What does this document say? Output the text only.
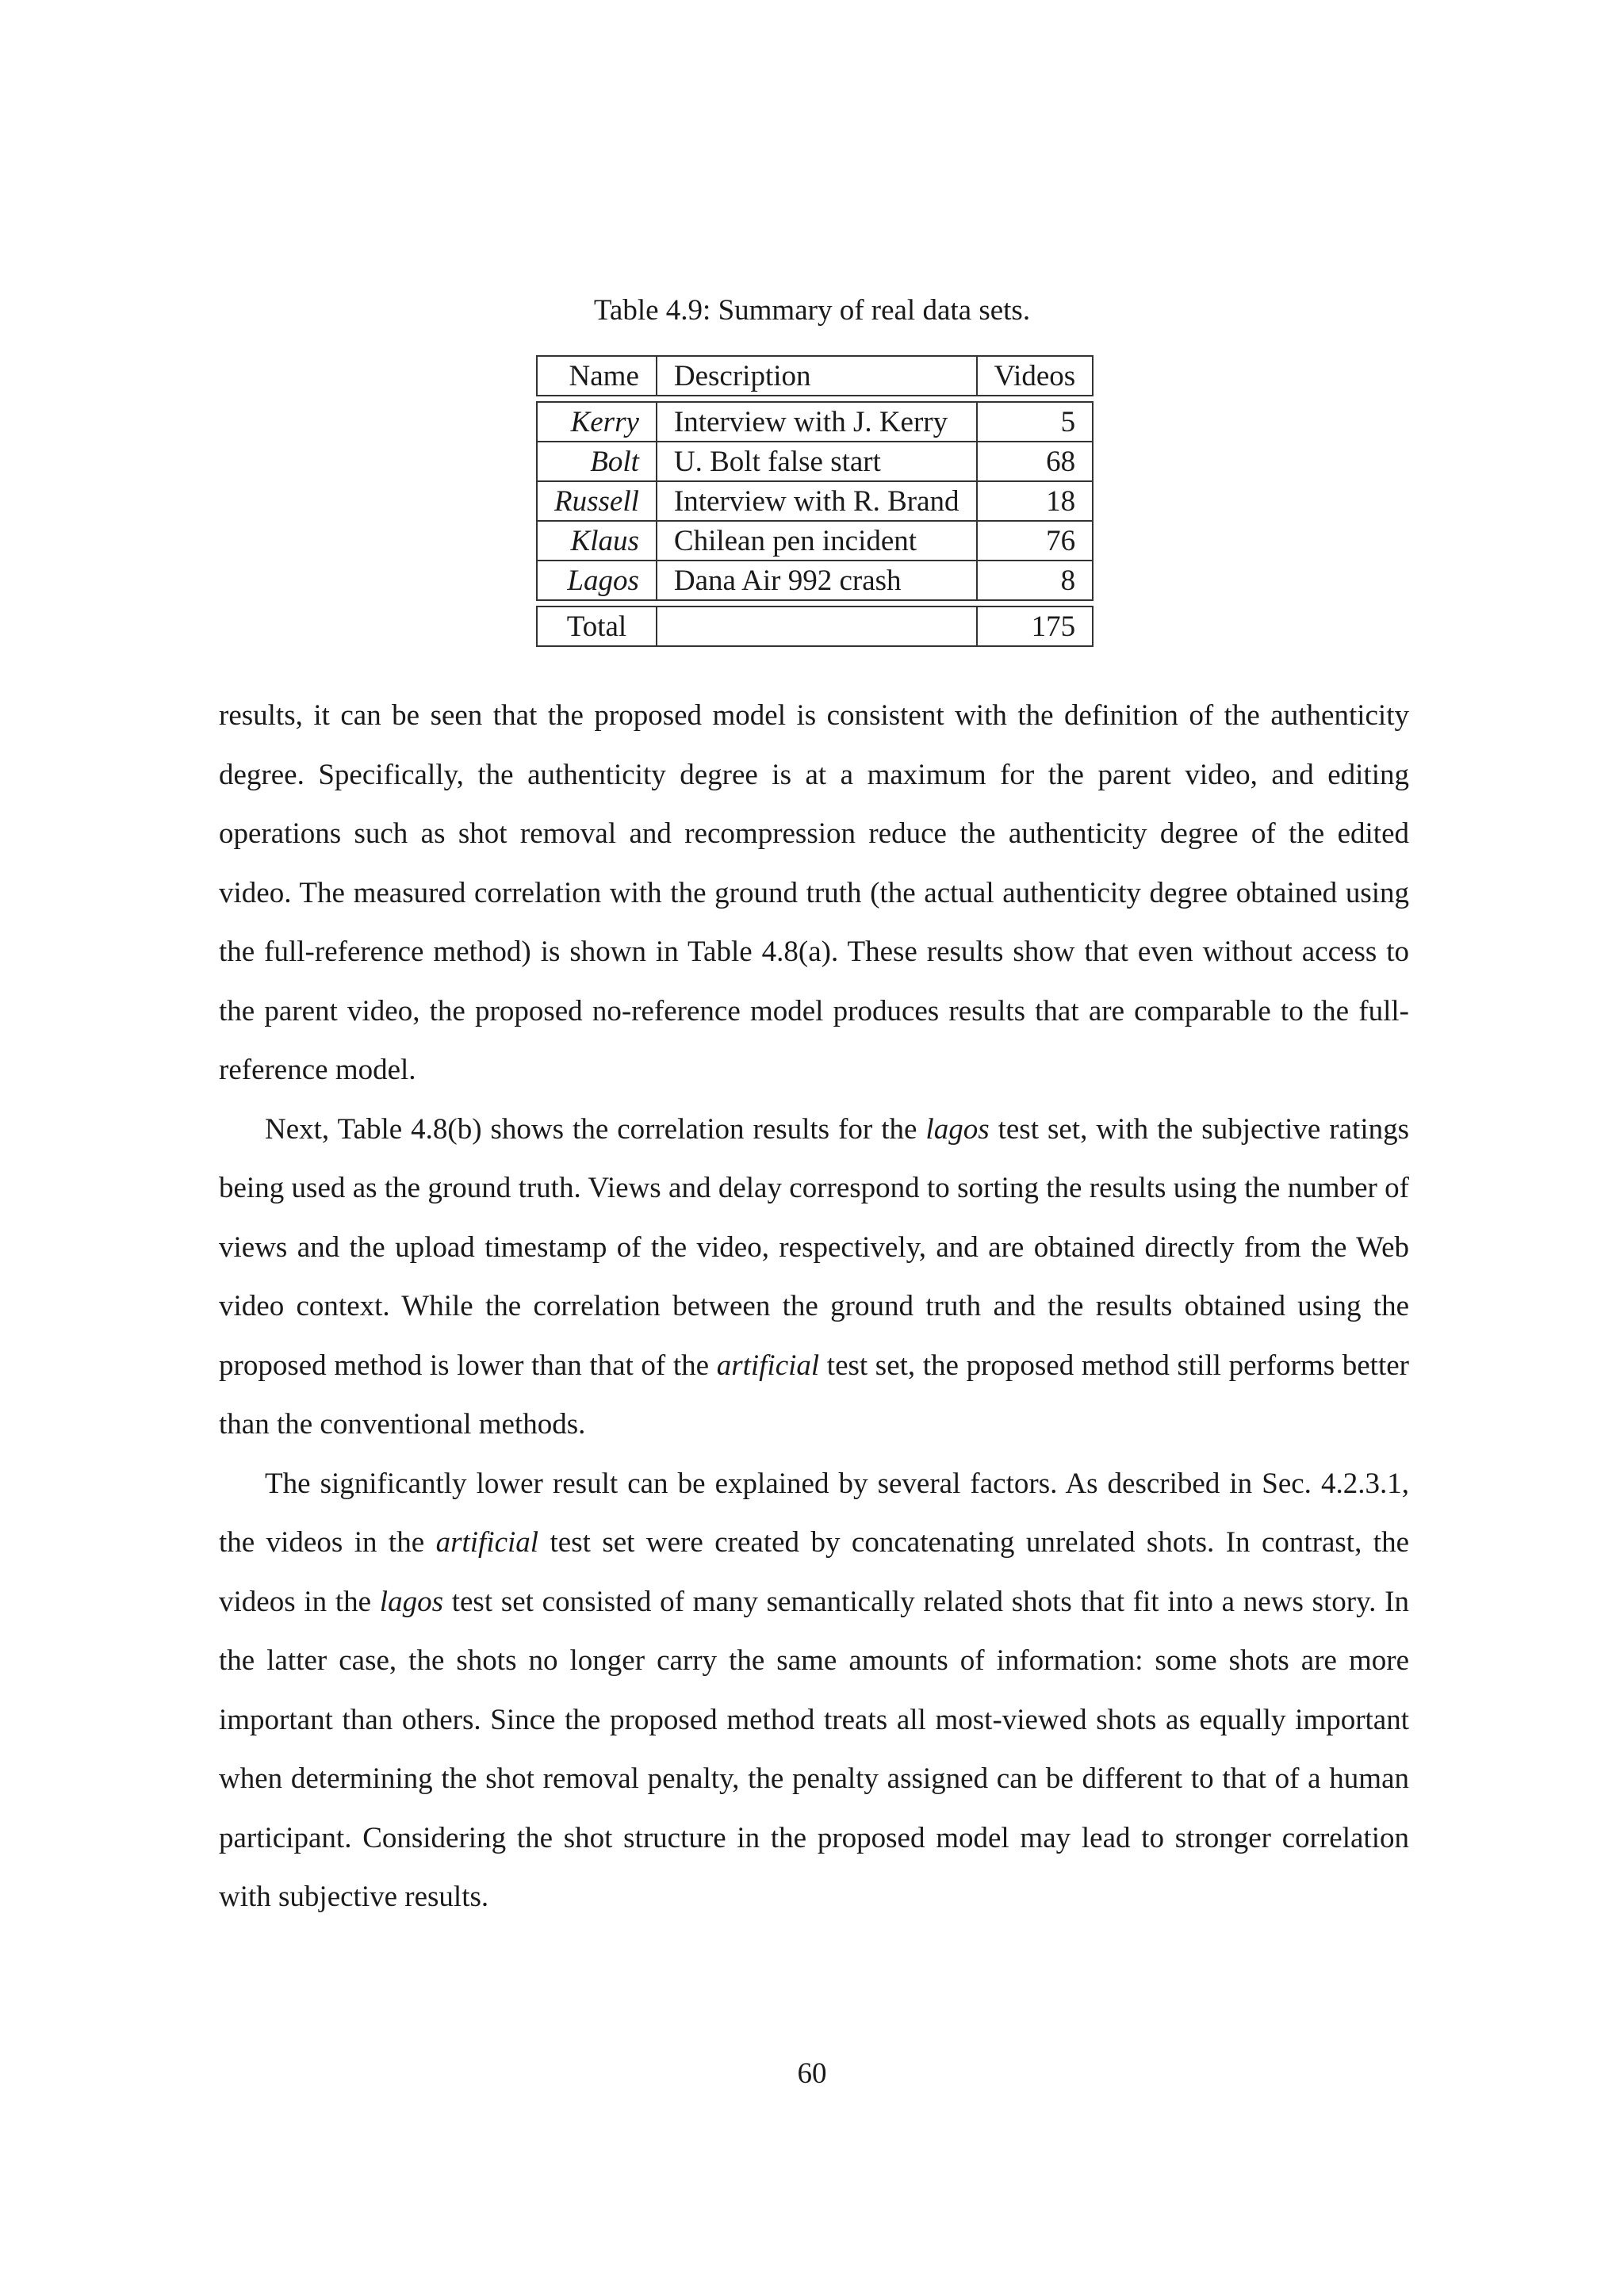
Table 4.9: Summary of real data sets.
Name	Description	Videos

Kerry	Interview with J. Kerry	5
Bolt	U. Bolt false start	68
Russell	Interview with R. Brand	18
Klaus	Chilean pen incident	76
Lagos	Dana Air 992 crash	8

Total		175

results, it can be seen that the proposed model is consistent with the definition of the authenticity degree. Specifically, the authenticity degree is at a maximum for the parent video, and editing operations such as shot removal and recompression reduce the authenticity degree of the edited video. The measured correlation with the ground truth (the actual authenticity degree obtained using the full-reference method) is shown in Table 4.8(a). These results show that even without access to the parent video, the proposed no-reference model produces results that are comparable to the full-reference model.

Next, Table 4.8(b) shows the correlation results for the lagos test set, with the subjective ratings being used as the ground truth. Views and delay correspond to sorting the results using the number of views and the upload timestamp of the video, respectively, and are obtained directly from the Web video context. While the correlation between the ground truth and the results obtained using the proposed method is lower than that of the artificial test set, the proposed method still performs better than the conventional methods.

The significantly lower result can be explained by several factors. As described in Sec. 4.2.3.1, the videos in the artificial test set were created by concatenating unrelated shots. In contrast, the videos in the lagos test set consisted of many semantically related shots that fit into a news story. In the latter case, the shots no longer carry the same amounts of information: some shots are more important than others. Since the proposed method treats all most-viewed shots as equally important when determining the shot removal penalty, the penalty assigned can be different to that of a human participant. Considering the shot structure in the proposed model may lead to stronger correlation with subjective results.

60
